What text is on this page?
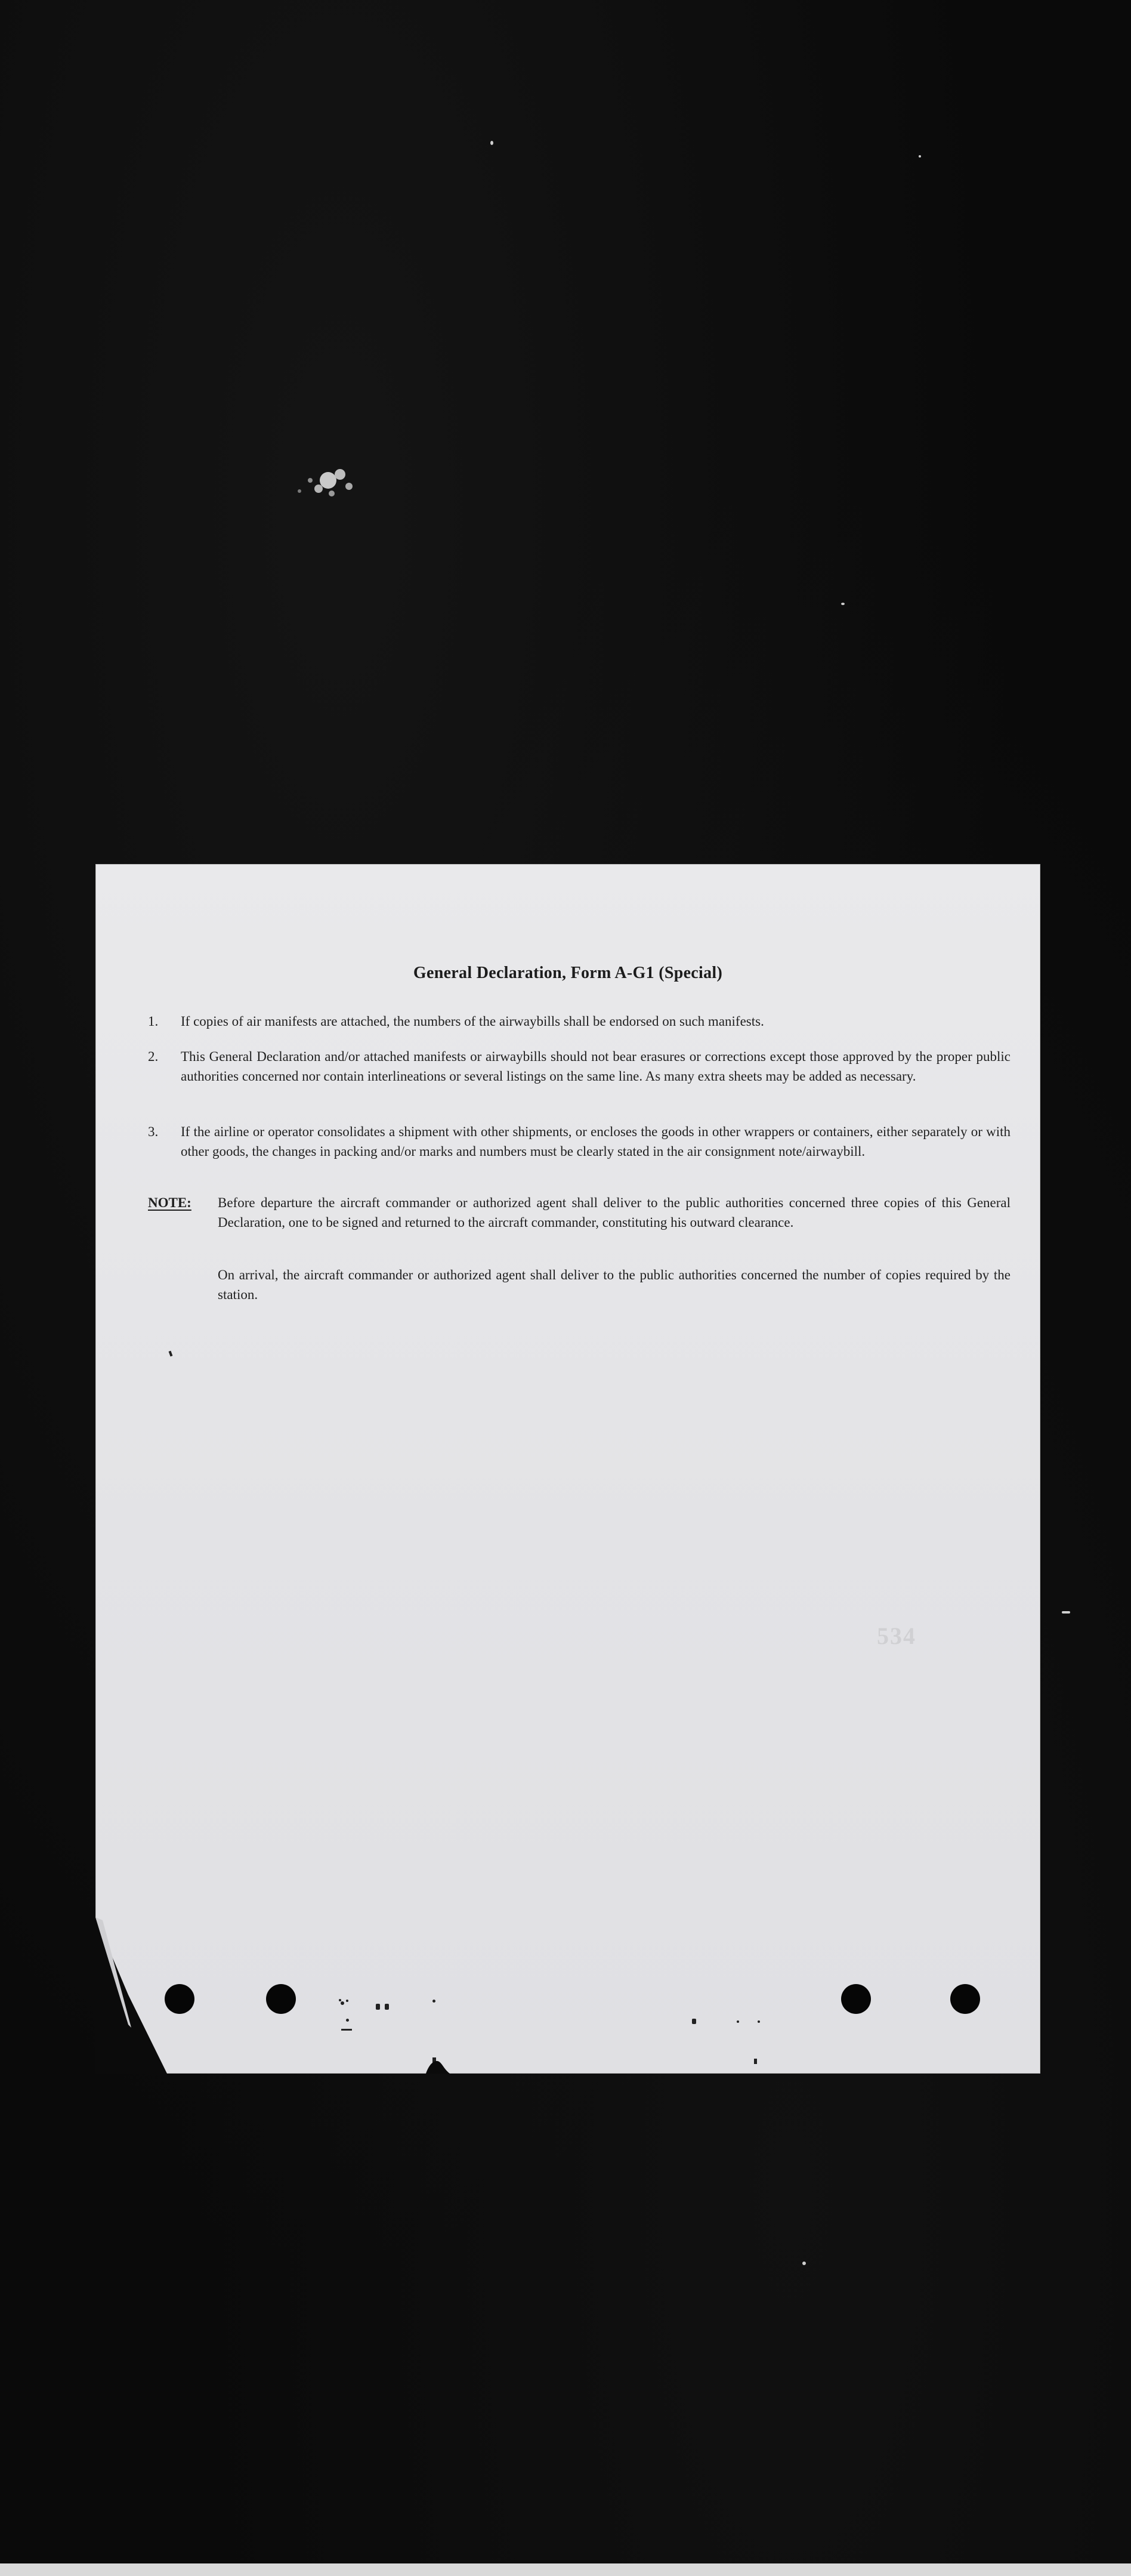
General Declaration, Form A-G1 (Special)
1.	If copies of air manifests are attached, the numbers of the airwaybills shall be endorsed on such manifests.
2.	This General Declaration and/or attached manifests or airwaybills should not bear erasures or corrections except those approved by the proper public authorities concerned nor contain interlineations or several listings on the same line. As many extra sheets may be added as necessary.
3.	If the airline or operator consolidates a shipment with other shipments, or encloses the goods in other wrappers or containers, either separately or with other goods, the changes in packing and/or marks and numbers must be clearly stated in the air consignment note/airwaybill.
NOTE: Before departure the aircraft commander or authorized agent shall deliver to the public authorities concerned three copies of this General Declaration, one to be signed and returned to the aircraft commander, constituting his outward clearance.
On arrival, the aircraft commander or authorized agent shall deliver to the public authorities concerned the number of copies required by the station.
534
